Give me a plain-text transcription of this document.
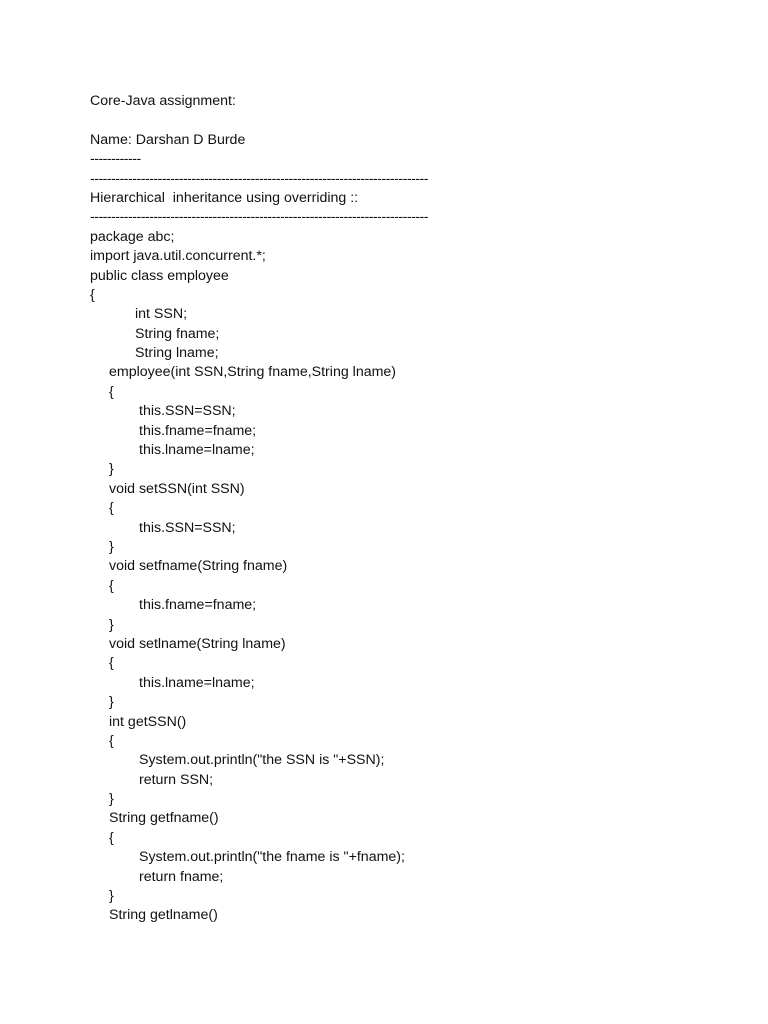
Core-Java assignment:
Name: Darshan D Burde
------------
--------------------------------------------------------------------------------
Hierarchical  inheritance using overriding ::
--------------------------------------------------------------------------------
package abc;
import java.util.concurrent.*;
public class employee
{
int SSN;
String fname;
String lname;
employee(int SSN,String fname,String lname)
{
this.SSN=SSN;
this.fname=fname;
this.lname=lname;
}
void setSSN(int SSN)
{
this.SSN=SSN;
}
void setfname(String fname)
{
this.fname=fname;
}
void setlname(String lname)
{
this.lname=lname;
}
int getSSN()
{
System.out.println("the SSN is "+SSN);
return SSN;
}
String getfname()
{
System.out.println("the fname is "+fname);
return fname;
}
String getlname()
